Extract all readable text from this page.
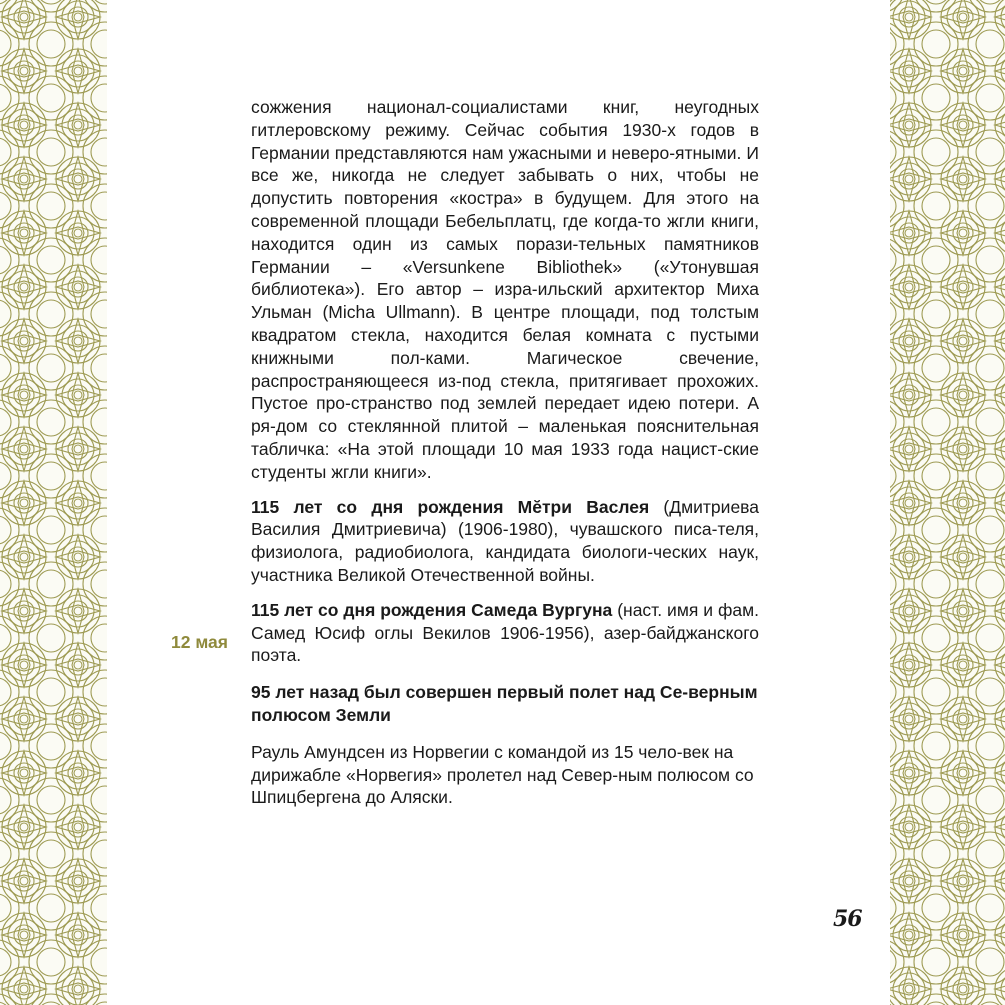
12 мая

сожжения национал-социалистами книг, неугодных гитлеровскому режиму. Сейчас события 1930-х годов в Германии представляются нам ужасными и неверо-ятными. И все же, никогда не следует забывать о них, чтобы не допустить повторения «костра» в будущем. Для этого на современной площади Бебельплатц, где когда-то жгли книги, находится один из самых порази-тельных памятников Германии – «Versunkene Bibliothek» («Утонувшая библиотека»). Его автор – изра-ильский архитектор Миха Ульман (Micha Ullmann). В центре площади, под толстым квадратом стекла, находится белая комната с пустыми книжными пол-ками. Магическое свечение, распространяющееся из-под стекла, притягивает прохожих. Пустое про-странство под землей передает идею потери. А ря-дом со стеклянной плитой – маленькая пояснительная табличка: «На этой площади 10 мая 1933 года нацист-ские студенты жгли книги».

115 лет со дня рождения Мĕтри Васлея (Дмитриева Василия Дмитриевича) (1906-1980), чувашского писа-теля, физиолога, радиобиолога, кандидата биологи-ческих наук, участника Великой Отечественной войны.

115 лет со дня рождения Самеда Вургуна (наст. имя и фам. Самед Юсиф оглы Векилов 1906-1956), азер-байджанского поэта.

95 лет назад был совершен первый полет над Се-верным полюсом Земли

Рауль Амундсен из Норвегии с командой из 15 чело-век на дирижабле «Норвегия» пролетел над Север-ным полюсом со Шпицбергена до Аляски.

56
